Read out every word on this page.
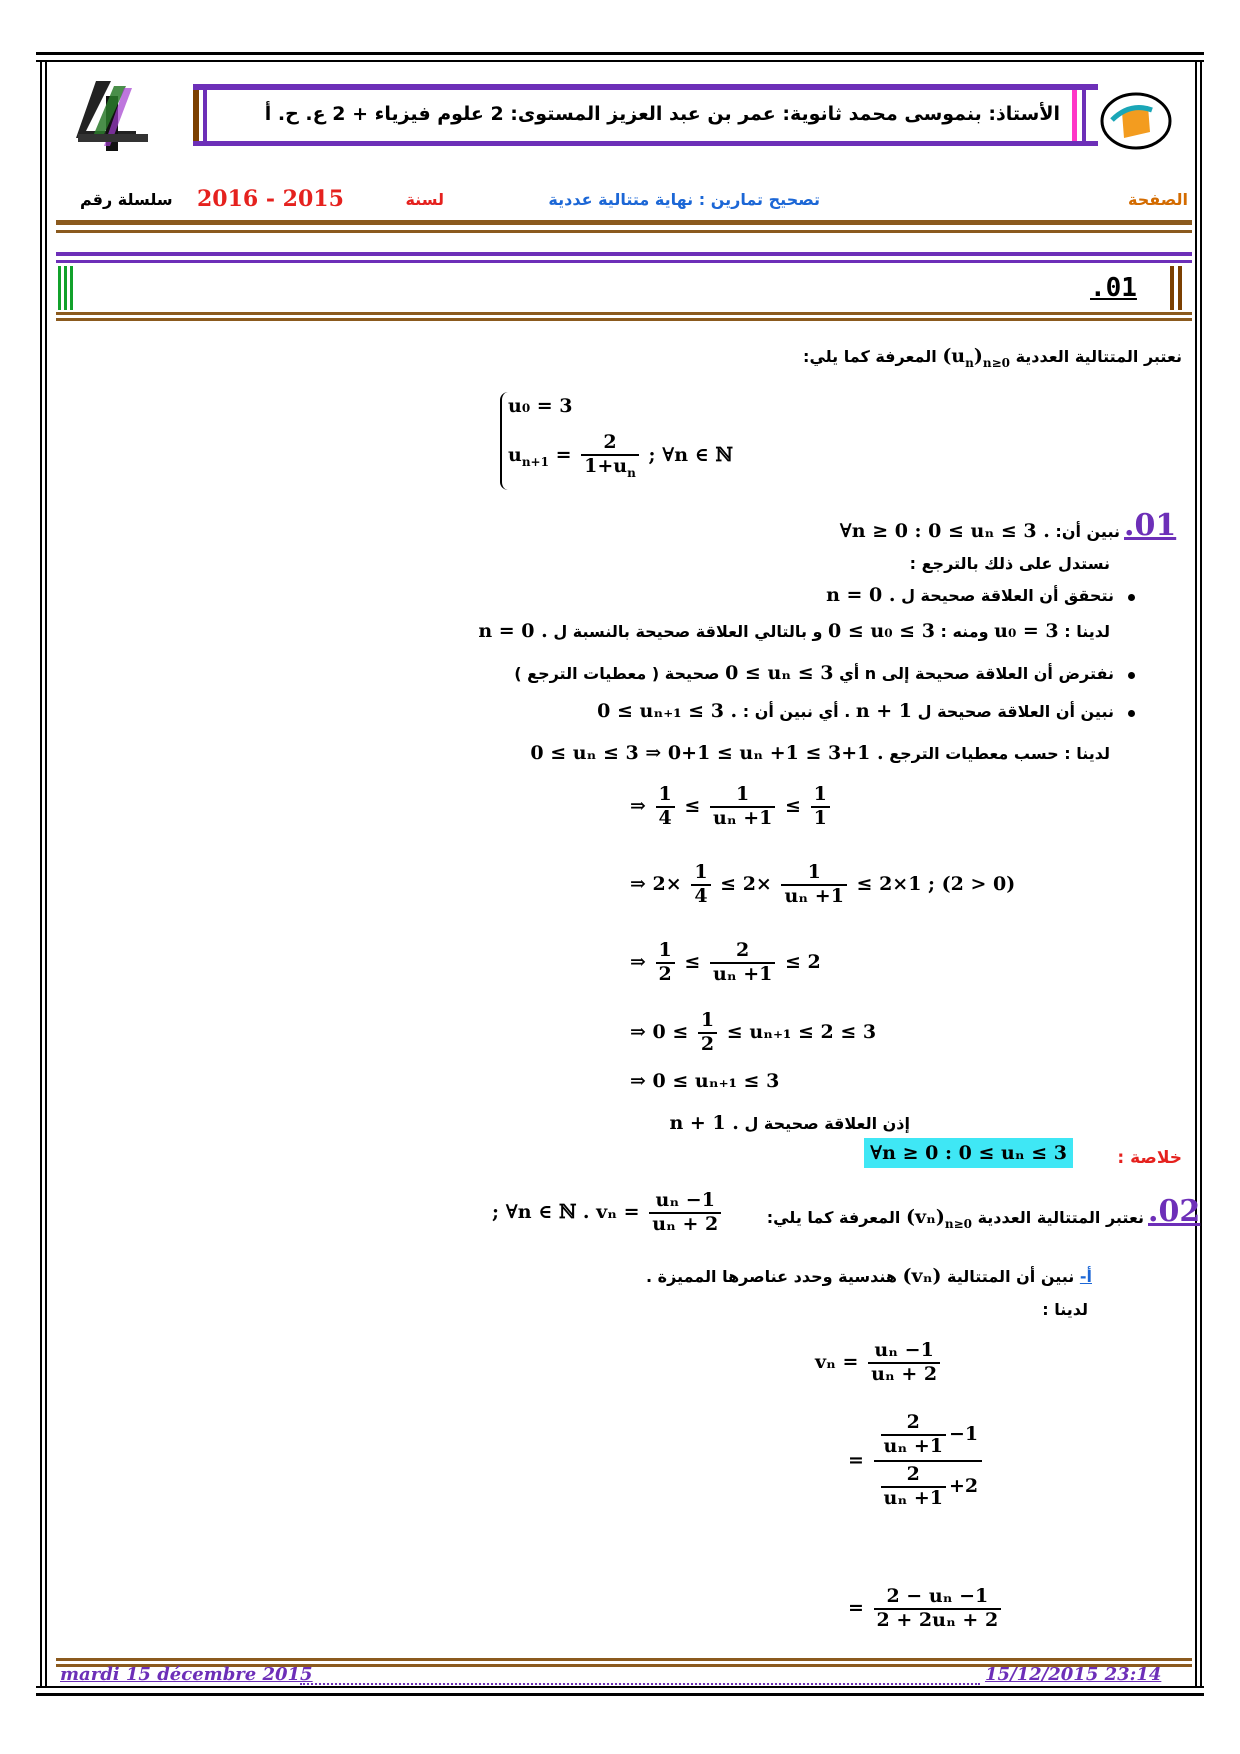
الأستاذ: بنموسى محمد ثانوية: عمر بن عبد العزيز المستوى: 2 علوم فيزياء + 2 ع. ح. أ
الصفحة
تصحيح تمارين : نهاية متتالية عددية
لسنة
2016 - 2015
سلسلة رقم
.01
نعتبر المتتالية العددية $(u_n)_{n\ge 0}$ المعرفة كما يلي:
u₀ = 3
$u_{n+1} = \frac{2}{1+u_n}$ ; ∀n ∈ ℕ
.01
نبين أن: ∀n ≥ 0 : 0 ≤ uₙ ≤ 3 .
نستدل على ذلك بالترجع :
نتحقق أن العلاقة صحيحة ل n = 0 .
لدينا : u₀ = 3 ومنه : 0 ≤ u₀ ≤ 3 و بالتالي العلاقة صحيحة بالنسبة ل n = 0 .
نفترض أن العلاقة صحيحة إلى n أي 0 ≤ uₙ ≤ 3 صحيحة ( معطيات الترجع )
نبين أن العلاقة صحيحة ل n + 1 . أي نبين أن : 0 ≤ uₙ₊₁ ≤ 3 .
لدينا : حسب معطيات الترجع 0 ≤ uₙ ≤ 3 ⇒ 0+1 ≤ uₙ +1 ≤ 3+1 .
⇒ $\frac{1}{4} \le \frac{1}{\text{uₙ +1}} \le \frac{1}{1}$
⇒ $2\times \frac{1}{4} \le 2\times \frac{1}{\text{uₙ +1}} \le 2\times 1$ ; (2 > 0)
⇒ $\frac{1}{2} \le \frac{2}{\text{uₙ +1}} \le 2$
⇒ $0 \le \frac{1}{2} \le u_{n+1} \le 2 \le 3$
⇒ 0 ≤ uₙ₊₁ ≤ 3
إذن العلاقة صحيحة ل n + 1 .
خلاصة :
∀n ≥ 0 : 0 ≤ uₙ ≤ 3
.02
نعتبر المتتالية العددية $(v_n)_{n\ge 0}$ المعرفة كما يلي:
; ∀n ∈ ℕ . $v_n = \frac{\text{uₙ −1}}{\text{uₙ + 2}}$
أ- نبين أن المتتالية (vₙ) هندسية وحدد عناصرها المميزة .
لدينا :
$v_n = \frac{\text{uₙ −1}}{\text{uₙ + 2}}$
= $\frac{\frac{2}{\text{uₙ +1}} -1}{\frac{2}{\text{uₙ +1}} +2}$
= $\frac{\text{2 − uₙ −1}}{\text{2 + 2uₙ + 2}}$
mardi 15 décembre 2015	15/12/2015 23:14
